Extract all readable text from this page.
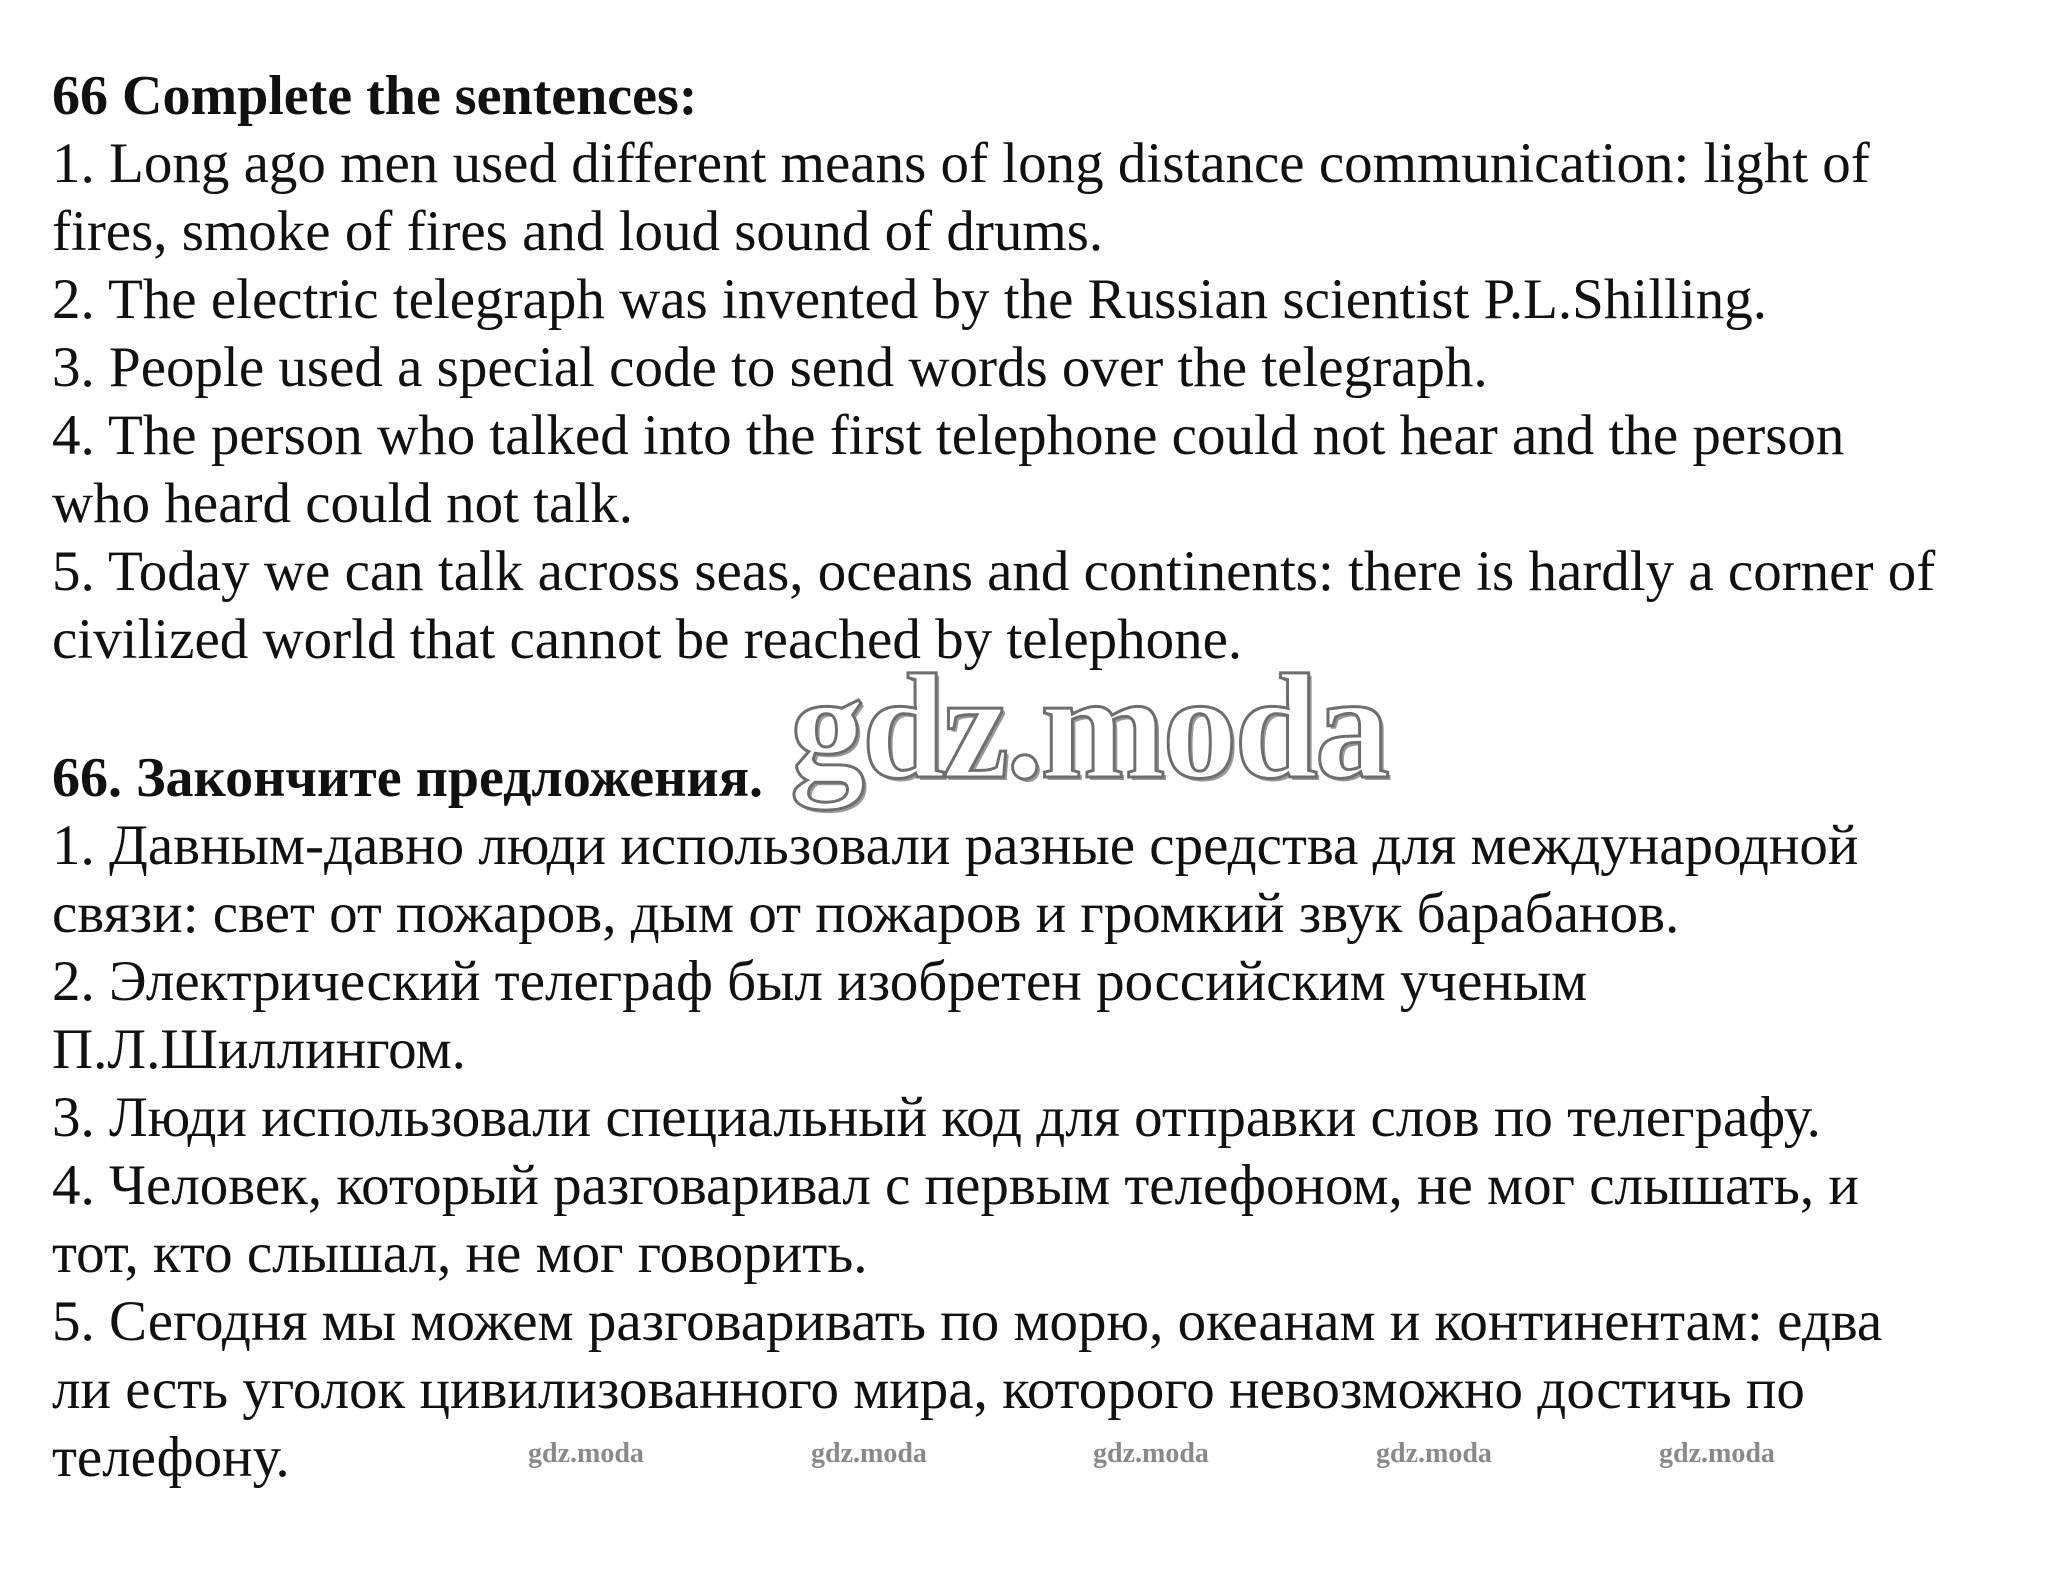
66 Complete the sentences:
1. Long ago men used different means of long distance communication: light of
fires, smoke of fires and loud sound of drums.
2. The electric telegraph was invented by the Russian scientist P.L.Shilling.
3. People used a special code to send words over the telegraph.
4. The person who talked into the first telephone could not hear and the person
who heard could not talk.
5. Today we can talk across seas, oceans and continents: there is hardly a corner of
civilized world that cannot be reached by telephone.
66. Закончите предложения.
1. Давным-давно люди использовали разные средства для международной
связи: свет от пожаров, дым от пожаров и громкий звук барабанов.
2. Электрический телеграф был изобретен российским ученым
П.Л.Шиллингом.
3. Люди использовали специальный код для отправки слов по телеграфу.
4. Человек, который разговаривал с первым телефоном, не мог слышать, и
тот, кто слышал, не мог говорить.
5. Сегодня мы можем разговаривать по морю, океанам и континентам: едва
ли есть уголок цивилизованного мира, которого невозможно достичь по
телефону.
gdz.moda
gdz.moda	gdz.moda	gdz.moda	gdz.moda	gdz.moda
